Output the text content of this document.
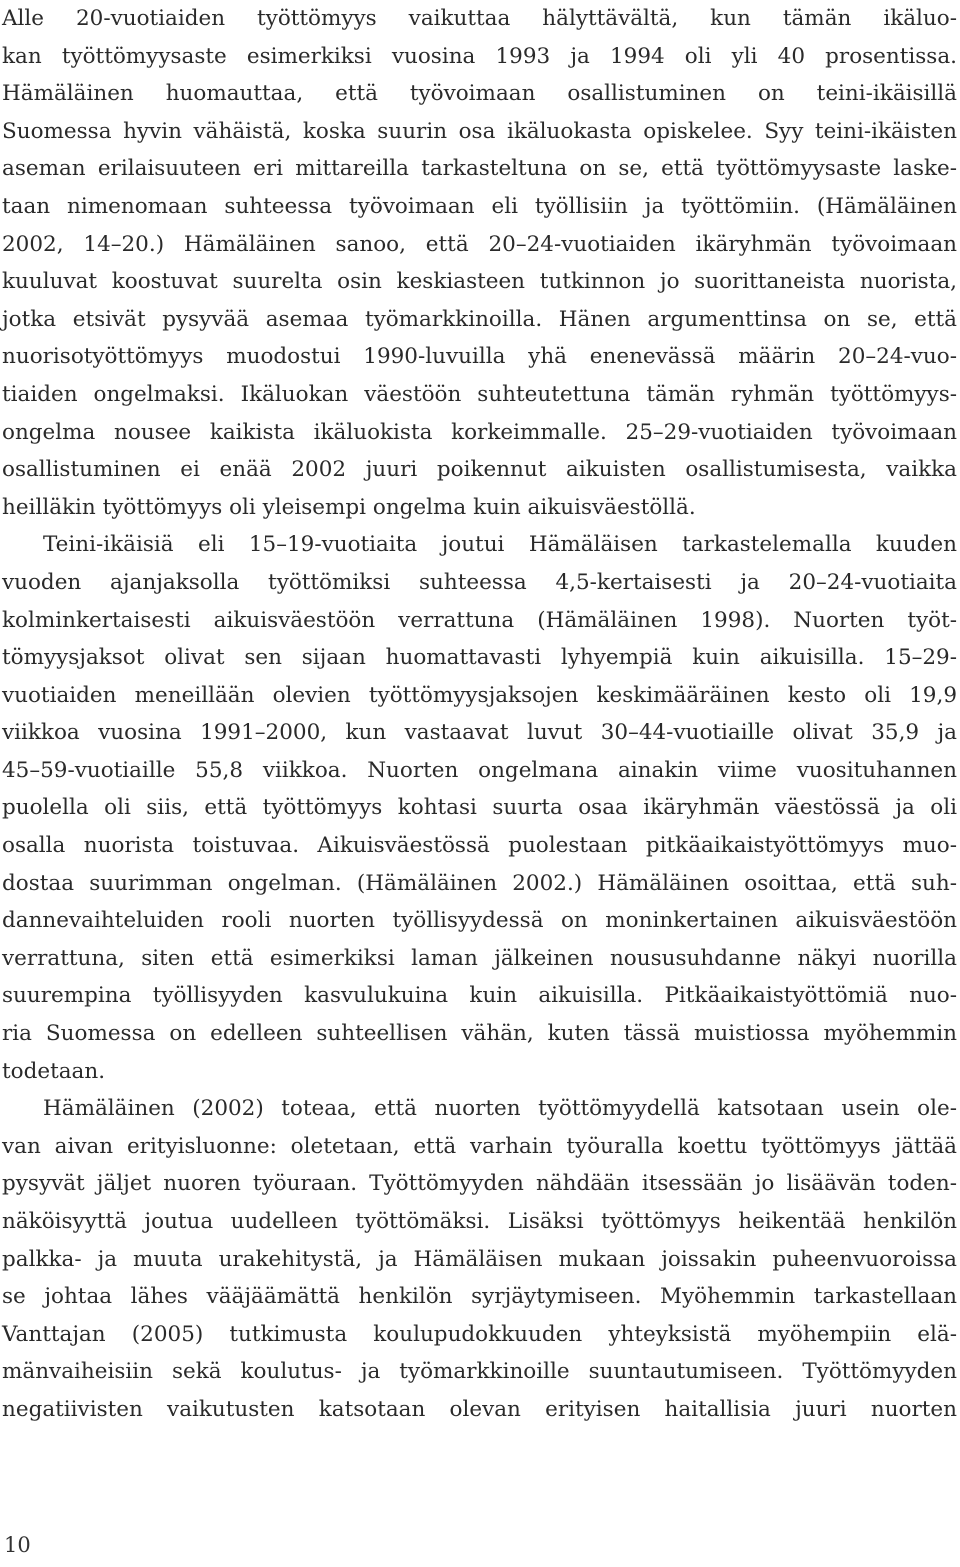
Alle 20-vuotiaiden työttömyys vaikuttaa hälyttävältä, kun tämän ikäluo-
kan työttömyysaste esimerkiksi vuosina 1993 ja 1994 oli yli 40 prosentissa.
Hämäläinen huomauttaa, että työvoimaan osallistuminen on teini-ikäisillä
Suomessa hyvin vähäistä, koska suurin osa ikäluokasta opiskelee. Syy teini-ikäisten
aseman erilaisuuteen eri mittareilla tarkasteltuna on se, että työttömyysaste laske-
taan nimenomaan suhteessa työvoimaan eli työllisiin ja työttömiin. (Hämäläinen
2002, 14–20.) Hämäläinen sanoo, että 20–24-vuotiaiden ikäryhmän työvoimaan
kuuluvat koostuvat suurelta osin keskiasteen tutkinnon jo suorittaneista nuorista,
jotka etsivät pysyvää asemaa työmarkkinoilla. Hänen argumenttinsa on se, että
nuorisotyöttömyys muodostui 1990-luvuilla yhä enenevässä määrin 20–24-vuo-
tiaiden ongelmaksi. Ikäluokan väestöön suhteutettuna tämän ryhmän työttömyys-
ongelma nousee kaikista ikäluokista korkeimmalle. 25–29-vuotiaiden työvoimaan
osallistuminen ei enää 2002 juuri poikennut aikuisten osallistumisesta, vaikka
heilläkin työttömyys oli yleisempi ongelma kuin aikuisväestöllä.

Teini-ikäisiä eli 15–19-vuotiaita joutui Hämäläisen tarkastelemalla kuuden
vuoden ajanjaksolla työttömiksi suhteessa 4,5-kertaisesti ja 20–24-vuotiaita
kolminkertaisesti aikuisväestöön verrattuna (Hämäläinen 1998). Nuorten työt-
tömyysjaksot olivat sen sijaan huomattavasti lyhyempiä kuin aikuisilla. 15–29-
vuotiaiden meneillään olevien työttömyysjaksojen keskimääräinen kesto oli 19,9
viikkoa vuosina 1991–2000, kun vastaavat luvut 30–44-vuotiaille olivat 35,9 ja
45–59-vuotiaille 55,8 viikkoa. Nuorten ongelmana ainakin viime vuosituhannen
puolella oli siis, että työttömyys kohtasi suurta osaa ikäryhmän väestössä ja oli
osalla nuorista toistuvaa. Aikuisväestössä puolestaan pitkäaikaistyöttömyys muo-
dostaa suurimman ongelman. (Hämäläinen 2002.) Hämäläinen osoittaa, että suh-
dannevaihteluiden rooli nuorten työllisyydessä on moninkertainen aikuisväestöön
verrattuna, siten että esimerkiksi laman jälkeinen noususuhdanne näkyi nuorilla
suurempina työllisyyden kasvulukuina kuin aikuisilla. Pitkäaikaistyöttömiä nuo-
ria Suomessa on edelleen suhteellisen vähän, kuten tässä muistiossa myöhemmin
todetaan.

Hämäläinen (2002) toteaa, että nuorten työttömyydellä katsotaan usein ole-
van aivan erityisluonne: oletetaan, että varhain työuralla koettu työttömyys jättää
pysyvät jäljet nuoren työuraan. Työttömyyden nähdään itsessään jo lisäävän toden-
näköisyyttä joutua uudelleen työttömäksi. Lisäksi työttömyys heikentää henkilön
palkka- ja muuta urakehitystä, ja Hämäläisen mukaan joissakin puheenvuoroissa
se johtaa lähes vääjäämättä henkilön syrjäytymiseen. Myöhemmin tarkastellaan
Vanttajan (2005) tutkimusta koulupudokkuuden yhteyksistä myöhempiin elä-
mänvaiheisiin sekä koulutus- ja työmarkkinoille suuntautumiseen. Työttömyyden
negatiivisten vaikutusten katsotaan olevan erityisen haitallisia juuri nuorten

10
